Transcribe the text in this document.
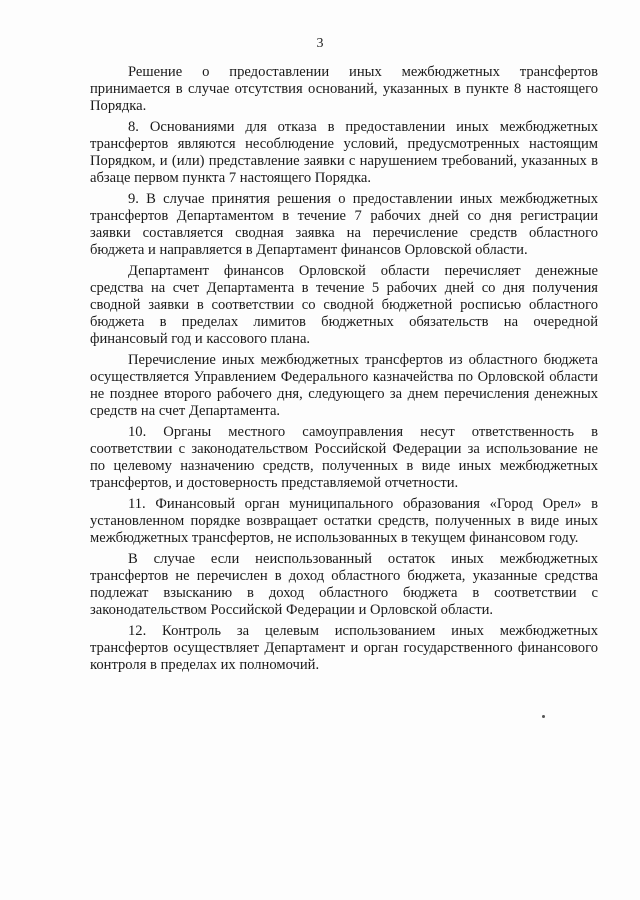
3

Решение о предоставлении иных межбюджетных трансфертов принимается в случае отсутствия оснований, указанных в пункте 8 настоящего Порядка.

8. Основаниями для отказа в предоставлении иных межбюджетных трансфертов являются несоблюдение условий, предусмотренных настоящим Порядком, и (или) представление заявки с нарушением требований, указанных в абзаце первом пункта 7 настоящего Порядка.

9. В случае принятия решения о предоставлении иных межбюджетных трансфертов Департаментом в течение 7 рабочих дней со дня регистрации заявки составляется сводная заявка на перечисление средств областного бюджета и направляется в Департамент финансов Орловской области.

Департамент финансов Орловской области перечисляет денежные средства на счет Департамента в течение 5 рабочих дней со дня получения сводной заявки в соответствии со сводной бюджетной росписью областного бюджета в пределах лимитов бюджетных обязательств на очередной финансовый год и кассового плана.

Перечисление иных межбюджетных трансфертов из областного бюджета осуществляется Управлением Федерального казначейства по Орловской области не позднее второго рабочего дня, следующего за днем перечисления денежных средств на счет Департамента.

10. Органы местного самоуправления несут ответственность в соответствии с законодательством Российской Федерации за использование не по целевому назначению средств, полученных в виде иных межбюджетных трансфертов, и достоверность представляемой отчетности.

11. Финансовый орган муниципального образования «Город Орел» в установленном порядке возвращает остатки средств, полученных в виде иных межбюджетных трансфертов, не использованных в текущем финансовом году.

В случае если неиспользованный остаток иных межбюджетных трансфертов не перечислен в доход областного бюджета, указанные средства подлежат взысканию в доход областного бюджета в соответствии с законодательством Российской Федерации и Орловской области.

12. Контроль за целевым использованием иных межбюджетных трансфертов осуществляет Департамент и орган государственного финансового контроля в пределах их полномочий.
